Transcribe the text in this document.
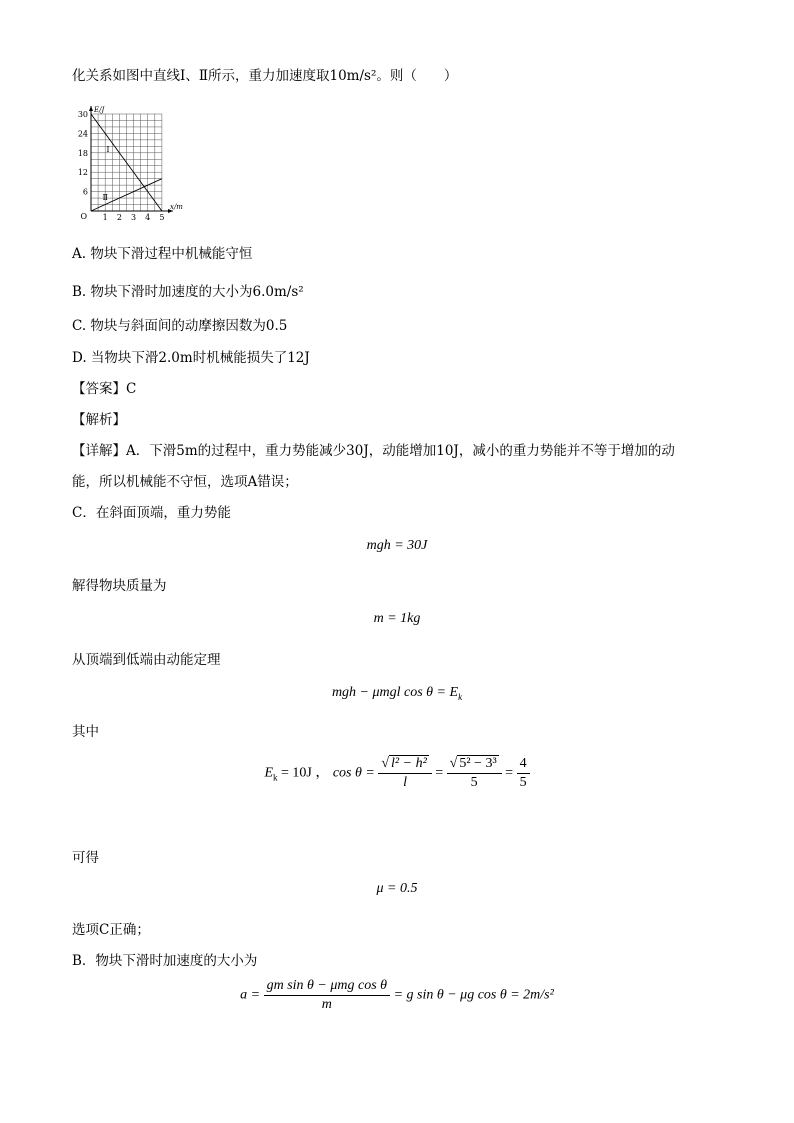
化关系如图中直线Ⅰ、Ⅱ所示，重力加速度取10m/s²。则（　　）
1 2 3 4 5
6
12
18
24
30
O
E/J
x/m
Ⅰ
Ⅱ
A. 物块下滑过程中机械能守恒
B. 物块下滑时加速度的大小为6.0m/s²
C. 物块与斜面间的动摩擦因数为0.5
D. 当物块下滑2.0m时机械能损失了12J
【答案】C
【解析】
【详解】A．下滑5m的过程中，重力势能减少30J，动能增加10J，减小的重力势能并不等于增加的动
能，所以机械能不守恒，选项A错误；
C．在斜面顶端，重力势能
mgh = 30J
解得物块质量为
m = 1kg
从顶端到低端由动能定理
mgh − μmgl $\cos \theta = E_k$
其中
$E_k = 10J$ ， $\cos \theta = \frac{\text{√ l² − h²}}{l} = \frac{\text{√ 5² − 3³}}{5} = \frac{4}{5}$
可得
μ = 0.5
选项C正确；
B．物块下滑时加速度的大小为
$a = \frac{\text{gm sin θ − μmg cos θ}}{m} = g$ sin θ − μg cos θ = 2m/s²
